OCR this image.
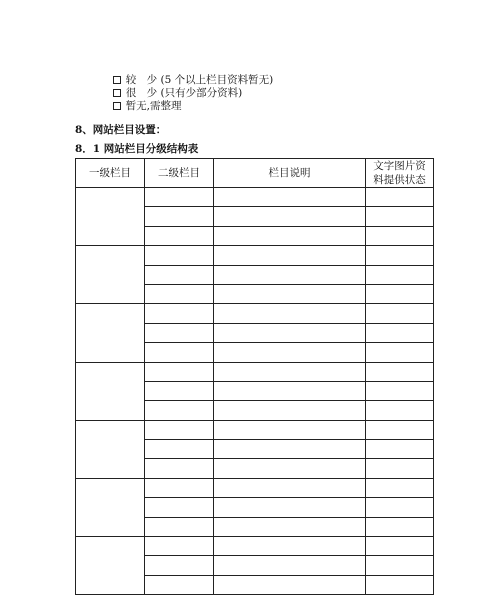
较　少 (5 个以上栏目资料暂无)

很　少 (只有少部分资料)

暂无,需整理

8、网站栏目设置：
8．1 网站栏目分级结构表
一级栏目	二级栏目	栏目说明	文字图片资
料提供状态
